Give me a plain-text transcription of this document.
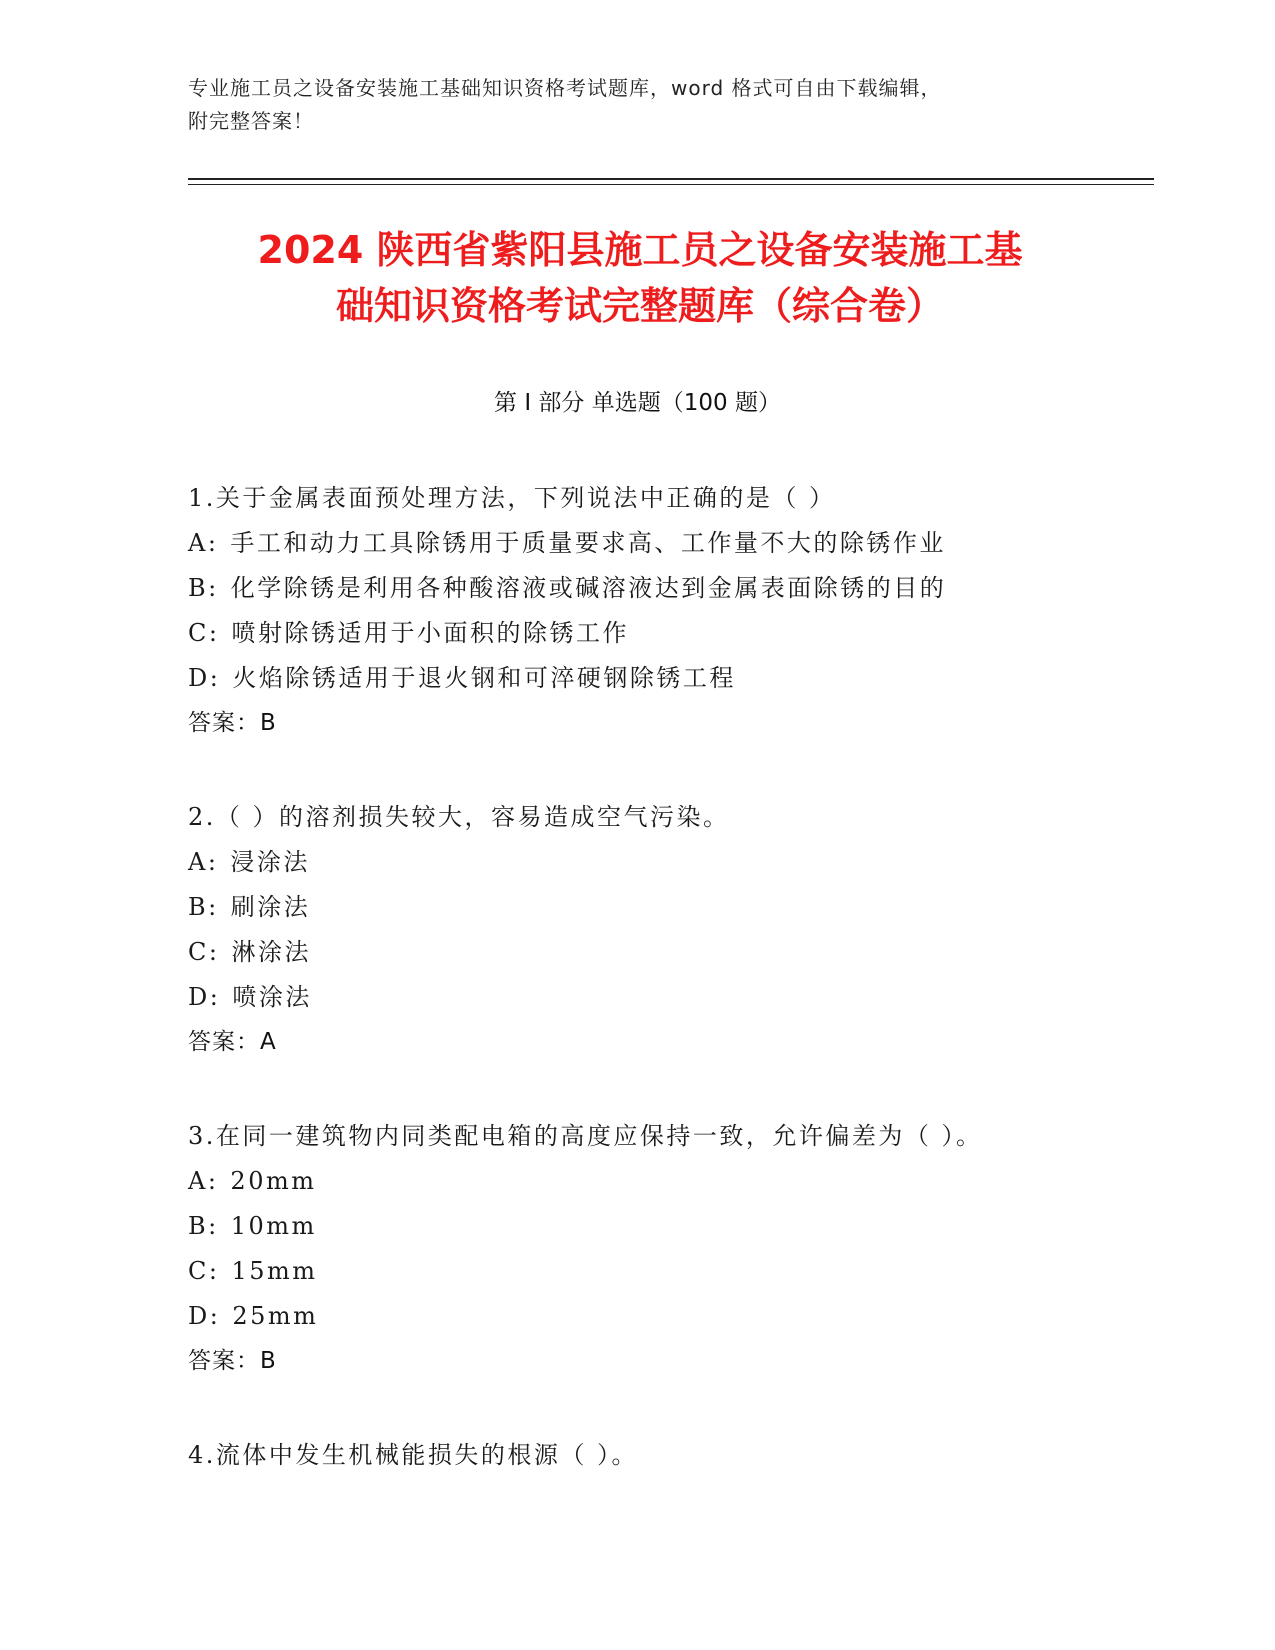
专业施工员之设备安装施工基础知识资格考试题库，word 格式可自由下载编辑，
附完整答案！
2024 陕西省紫阳县施工员之设备安装施工基
础知识资格考试完整题库（综合卷）
第 I 部分 单选题（100 题）
1.关于金属表面预处理方法，下列说法中正确的是（ ）
A: 手工和动力工具除锈用于质量要求高、工作量不大的除锈作业
B: 化学除锈是利用各种酸溶液或碱溶液达到金属表面除锈的目的
C: 喷射除锈适用于小面积的除锈工作
D: 火焰除锈适用于退火钢和可淬硬钢除锈工程
答案：B
2.（ ）的溶剂损失较大，容易造成空气污染。
A: 浸涂法
B: 刷涂法
C: 淋涂法
D: 喷涂法
答案：A
3.在同一建筑物内同类配电箱的高度应保持一致，允许偏差为（ ）。
A: 20mm
B: 10mm
C: 15mm
D: 25mm
答案：B
4.流体中发生机械能损失的根源（ ）。
